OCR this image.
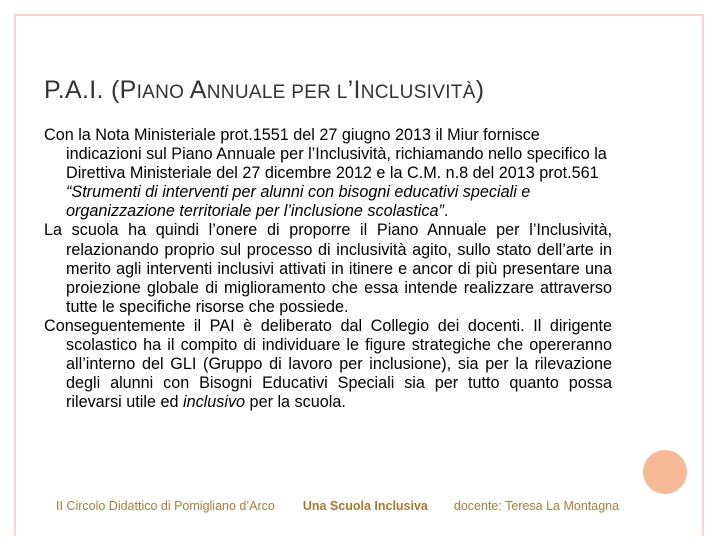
P.A.I. (PIANO ANNUALE PER L’INCLUSIVITÀ)

Con la Nota Ministeriale prot.1551 del 27 giugno 2013 il Miur fornisce indicazioni sul Piano Annuale per l’Inclusività, richiamando nello specifico la Direttiva Ministeriale del 27 dicembre 2012 e la C.M. n.8 del 2013 prot.561 “Strumenti di interventi per alunni con bisogni educativi speciali e organizzazione territoriale per l’inclusione scolastica”.

La scuola ha quindi l’onere di proporre il Piano Annuale per l’Inclusività, relazionando proprio sul processo di inclusività agito, sullo stato dell’arte in merito agli interventi inclusivi attivati in itinere e ancor di più presentare una proiezione globale di miglioramento che essa intende realizzare attraverso tutte le specifiche risorse che possiede.

Conseguentemente il PAI è deliberato dal Collegio dei docenti. Il dirigente scolastico ha il compito di individuare le figure strategiche che opereranno all’interno del GLI (Gruppo di lavoro per inclusione), sia per la rilevazione degli alunni con Bisogni Educativi Speciali sia per tutto quanto possa rilevarsi utile ed inclusivo per la scuola.

II Circolo Didattico di Pomigliano d’Arco Una Scuola Inclusiva docente: Teresa La Montagna
